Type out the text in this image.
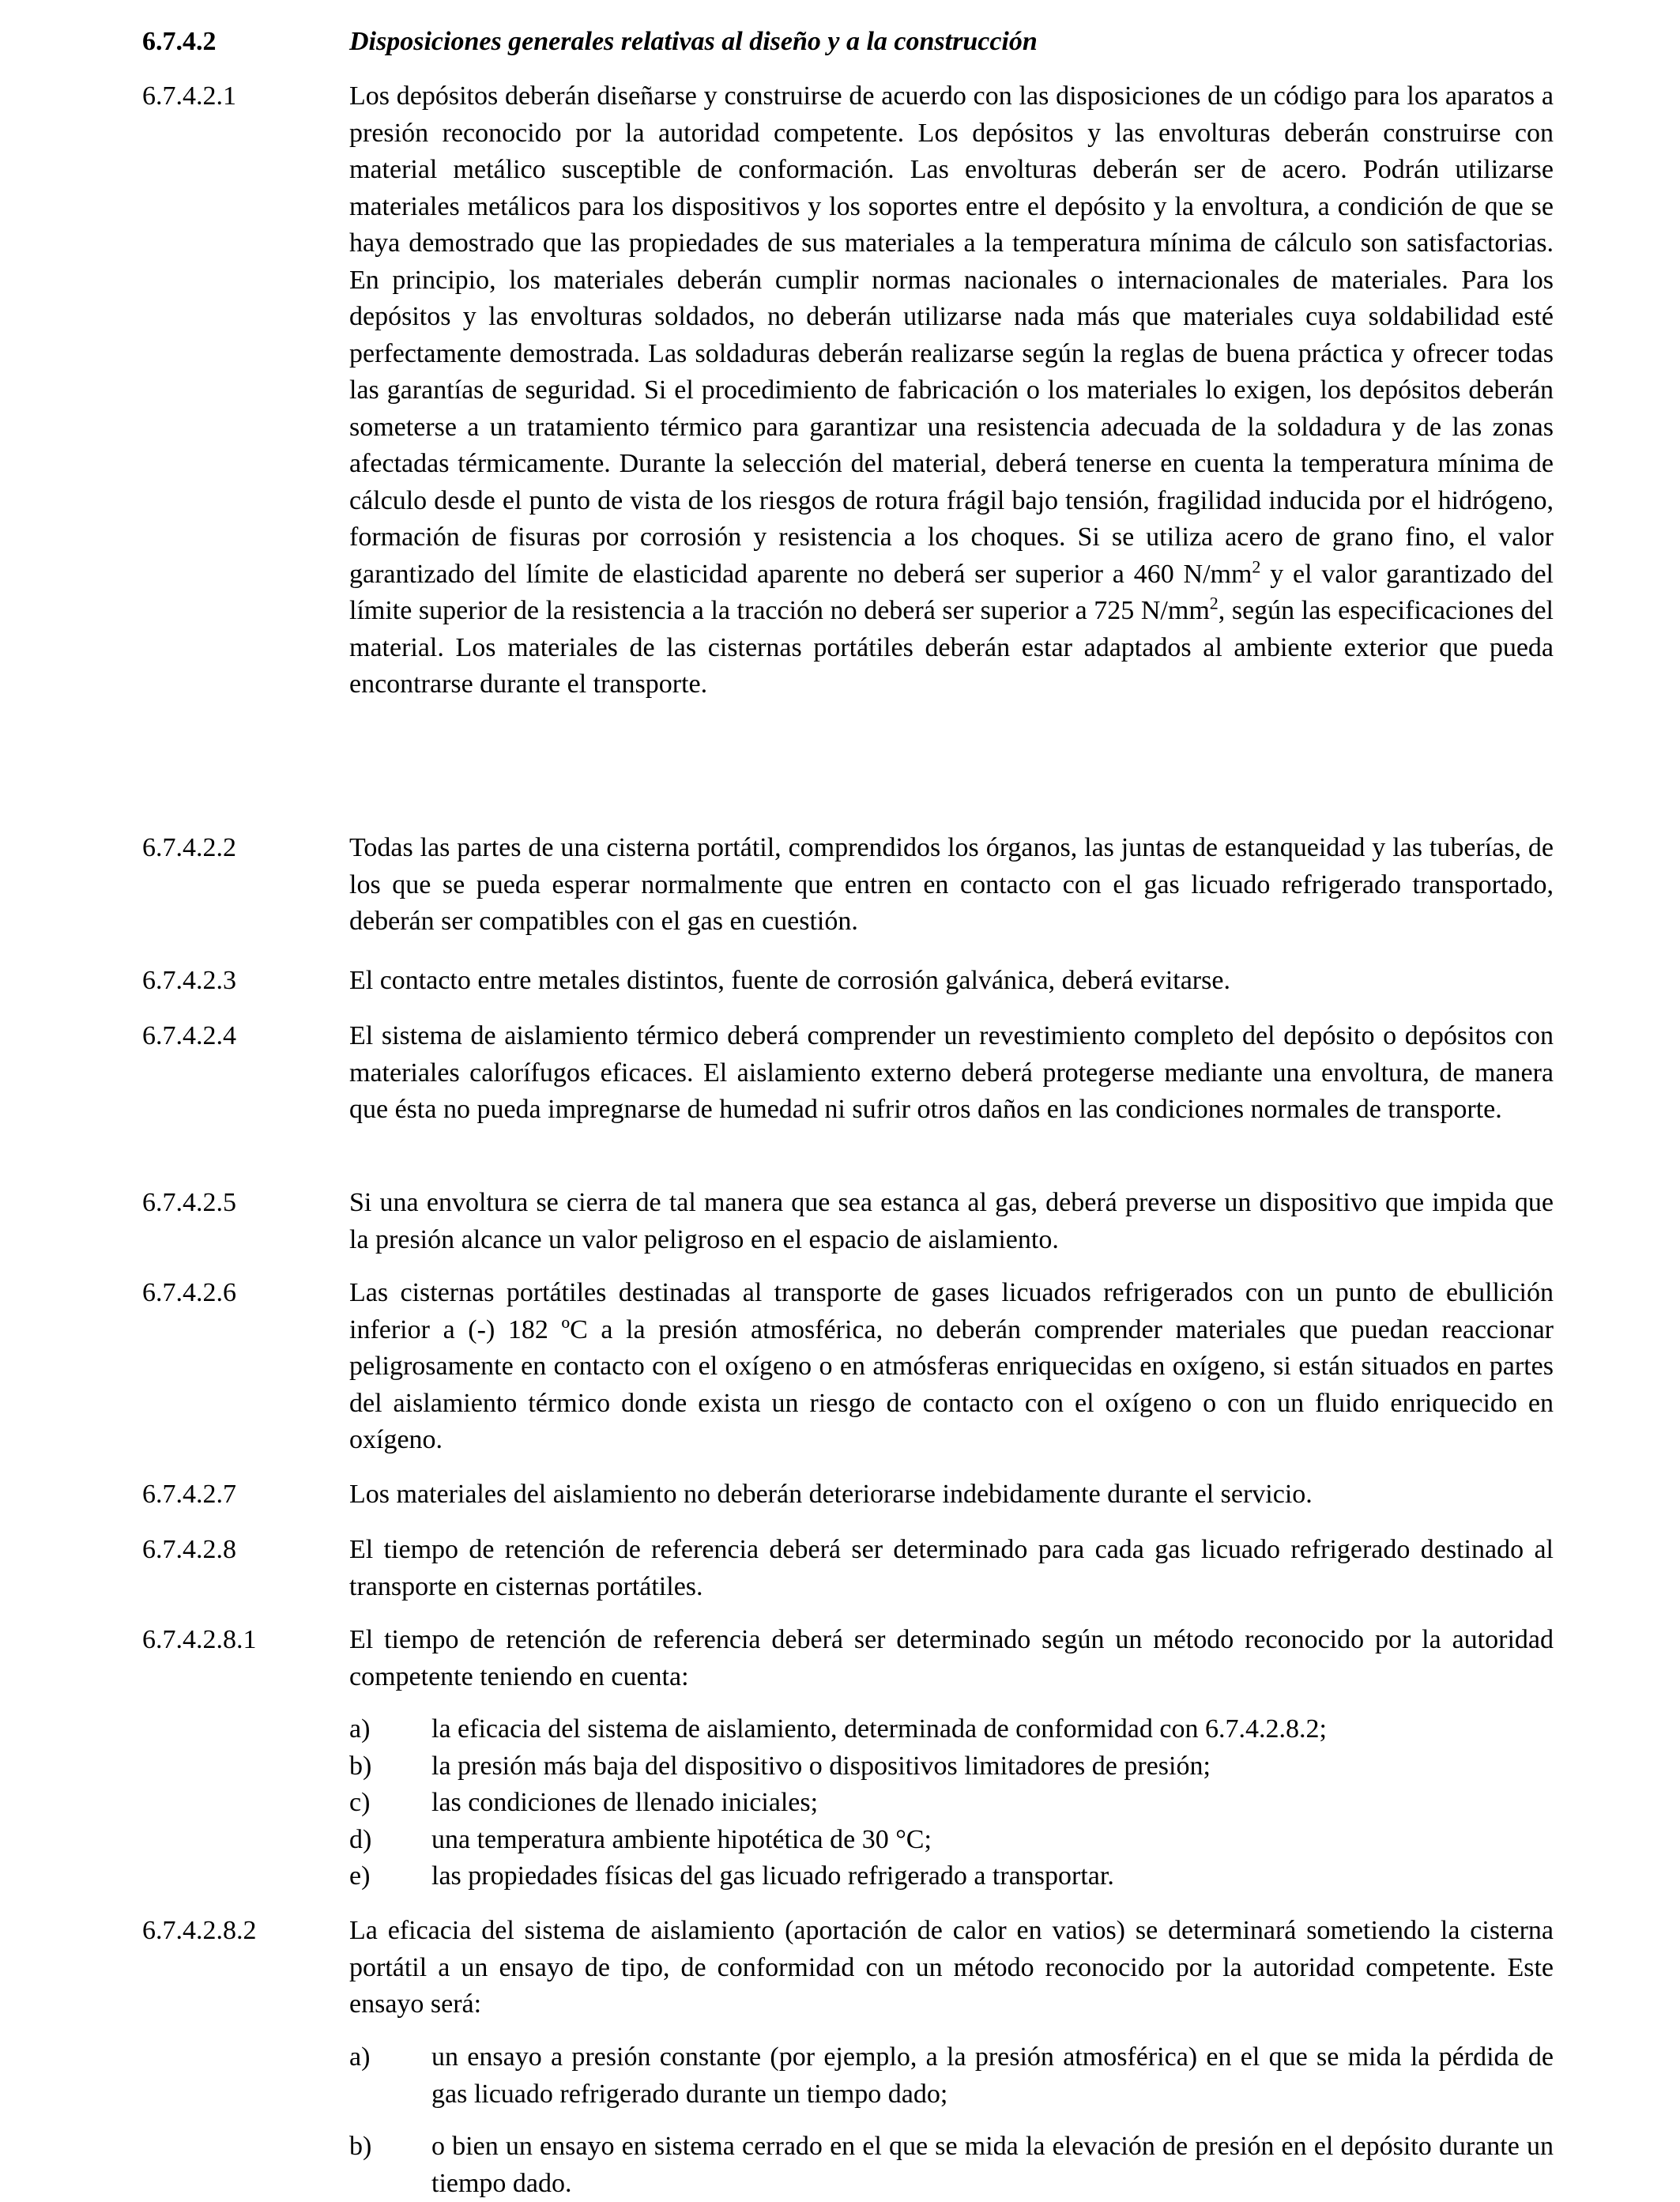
6.7.4.2	Disposiciones generales relativas al diseño y a la construcción
6.7.4.2.1	Los depósitos deberán diseñarse y construirse de acuerdo con las disposiciones de un código para los aparatos a presión reconocido por la autoridad competente. Los depósitos y las envolturas deberán construirse con material metálico susceptible de conformación. Las envolturas deberán ser de acero. Podrán utilizarse materiales metálicos para los dispositivos y los soportes entre el depósito y la envoltura, a condición de que se haya demostrado que las propiedades de sus materiales a la temperatura mínima de cálculo son satisfactorias. En principio, los materiales deberán cumplir normas nacionales o internacionales de materiales. Para los depósitos y las envolturas soldados, no deberán utilizarse nada más que materiales cuya soldabilidad esté perfectamente demostrada. Las soldaduras deberán realizarse según la reglas de buena práctica y ofrecer todas las garantías de seguridad. Si el procedimiento de fabricación o los materiales lo exigen, los depósitos deberán someterse a un tratamiento térmico para garantizar una resistencia adecuada de la soldadura y de las zonas afectadas térmicamente. Durante la selección del material, deberá tenerse en cuenta la temperatura mínima de cálculo desde el punto de vista de los riesgos de rotura frágil bajo tensión, fragilidad inducida por el hidrógeno, formación de fisuras por corrosión y resistencia a los choques. Si se utiliza acero de grano fino, el valor garantizado del límite de elasticidad aparente no deberá ser superior a 460 $N/mm^2$ y el valor garantizado del límite superior de la resistencia a la tracción no deberá ser superior a 725 $N/mm^2$, según las especificaciones del material. Los materiales de las cisternas portátiles deberán estar adaptados al ambiente exterior que pueda encontrarse durante el transporte.
6.7.4.2.2	Todas las partes de una cisterna portátil, comprendidos los órganos, las juntas de estanqueidad y las tuberías, de los que se pueda esperar normalmente que entren en contacto con el gas licuado refrigerado transportado, deberán ser compatibles con el gas en cuestión.
6.7.4.2.3	El contacto entre metales distintos, fuente de corrosión galvánica, deberá evitarse.
6.7.4.2.4	El sistema de aislamiento térmico deberá comprender un revestimiento completo del depósito o depósitos con materiales calorífugos eficaces. El aislamiento externo deberá protegerse mediante una envoltura, de manera que ésta no pueda impregnarse de humedad ni sufrir otros daños en las condiciones normales de transporte.
6.7.4.2.5	Si una envoltura se cierra de tal manera que sea estanca al gas, deberá preverse un dispositivo que impida que la presión alcance un valor peligroso en el espacio de aislamiento.
6.7.4.2.6	Las cisternas portátiles destinadas al transporte de gases licuados refrigerados con un punto de ebullición inferior a (-) 182 ºC a la presión atmosférica, no deberán comprender materiales que puedan reaccionar peligrosamente en contacto con el oxígeno o en atmósferas enriquecidas en oxígeno, si están situados en partes del aislamiento térmico donde exista un riesgo de contacto con el oxígeno o con un fluido enriquecido en oxígeno.
6.7.4.2.7	Los materiales del aislamiento no deberán deteriorarse indebidamente durante el servicio.
6.7.4.2.8	El tiempo de retención de referencia deberá ser determinado para cada gas licuado refrigerado destinado al transporte en cisternas portátiles.
6.7.4.2.8.1	El tiempo de retención de referencia deberá ser determinado según un método reconocido por la autoridad competente teniendo en cuenta:
a) la eficacia del sistema de aislamiento, determinada de conformidad con 6.7.4.2.8.2;
b) la presión más baja del dispositivo o dispositivos limitadores de presión;
c) las condiciones de llenado iniciales;
d) una temperatura ambiente hipotética de 30 °C;
e) las propiedades físicas del gas licuado refrigerado a transportar.
6.7.4.2.8.2	La eficacia del sistema de aislamiento (aportación de calor en vatios) se determinará sometiendo la cisterna portátil a un ensayo de tipo, de conformidad con un método reconocido por la autoridad competente. Este ensayo será:
a) un ensayo a presión constante (por ejemplo, a la presión atmosférica) en el que se mida la pérdida de gas licuado refrigerado durante un tiempo dado;
b) o bien un ensayo en sistema cerrado en el que se mida la elevación de presión en el depósito durante un tiempo dado.
